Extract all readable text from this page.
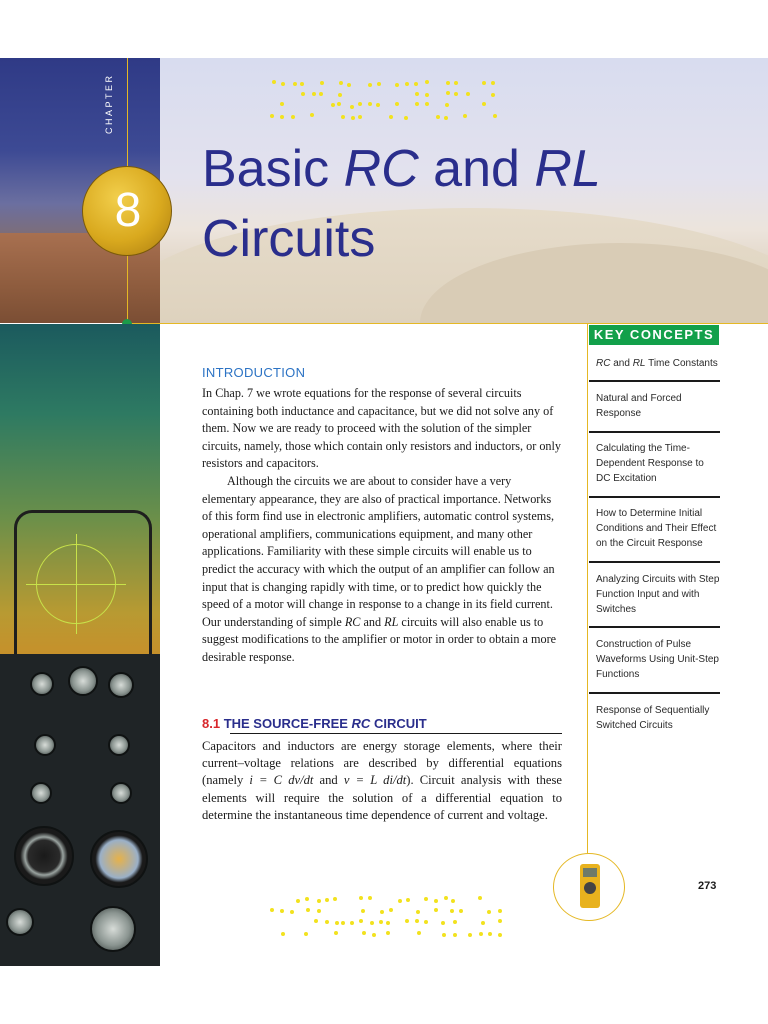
CHAPTER
8
Basic RC and RL
Circuits
KEY CONCEPTS
RC and RL Time Constants
Natural and Forced Response
Calculating the Time-Dependent Response to DC Excitation
How to Determine Initial Conditions and Their Effect on the Circuit Response
Analyzing Circuits with Step Function Input and with Switches
Construction of Pulse Waveforms Using Unit-Step Functions
Response of Sequentially Switched Circuits
INTRODUCTION

In Chap. 7 we wrote equations for the response of several circuits containing both inductance and capacitance, but we did not solve any of them. Now we are ready to proceed with the solution of the simpler circuits, namely, those which contain only resistors and inductors, or only resistors and capacitors.

Although the circuits we are about to consider have a very elementary appearance, they are also of practical importance. Networks of this form find use in electronic amplifiers, automatic control systems, operational amplifiers, communications equipment, and many other applications. Familiarity with these simple circuits will enable us to predict the accuracy with which the output of an amplifier can follow an input that is changing rapidly with time, or to predict how quickly the speed of a motor will change in response to a change in its field current. Our understanding of simple RC and RL circuits will also enable us to suggest modifications to the amplifier or motor in order to obtain a more desirable response.

8.1 THE SOURCE-FREE RC CIRCUIT

Capacitors and inductors are energy storage elements, where their current–voltage relations are described by differential equations (namely i = C dv/dt and v = L di/dt). Circuit analysis with these elements will require the solution of a differential equation to determine the instantaneous time dependence of current and voltage.

273
